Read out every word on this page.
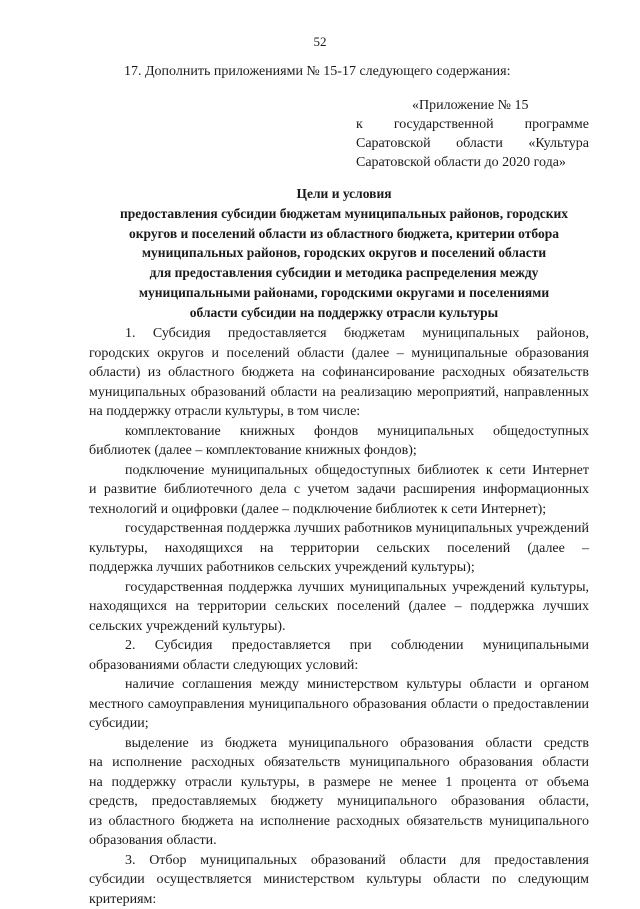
52
17. Дополнить приложениями № 15-17 следующего содержания:
«Приложение № 15
к государственной программе
Саратовской области «Культура
Саратовской области до 2020 года»
Цели и условия
предоставления субсидии бюджетам муниципальных районов, городских
округов и поселений области из областного бюджета, критерии отбора
муниципальных районов, городских округов и поселений области
для предоставления субсидии и методика распределения между
муниципальными районами, городскими округами и поселениями
области субсидии на поддержку отрасли культуры
1. Субсидия предоставляется бюджетам муниципальных районов,
городских округов и поселений области (далее – муниципальные образования
области) из областного бюджета на софинансирование расходных обязательств
муниципальных образований области на реализацию мероприятий, направленных
на поддержку отрасли культуры, в том числе:
комплектование книжных фондов муниципальных общедоступных
библиотек (далее – комплектование книжных фондов);
подключение муниципальных общедоступных библиотек к сети Интернет
и развитие библиотечного дела с учетом задачи расширения информационных
технологий и оцифровки (далее – подключение библиотек к сети Интернет);
государственная поддержка лучших работников муниципальных учреждений
культуры, находящихся на территории сельских поселений (далее –
поддержка лучших работников сельских учреждений культуры);
государственная поддержка лучших муниципальных учреждений культуры,
находящихся на территории сельских поселений (далее – поддержка лучших
сельских учреждений культуры).
2. Субсидия предоставляется при соблюдении муниципальными
образованиями области следующих условий:
наличие соглашения между министерством культуры области и органом
местного самоуправления муниципального образования области о предоставлении
субсидии;
выделение из бюджета муниципального образования области средств
на исполнение расходных обязательств муниципального образования области
на поддержку отрасли культуры, в размере не менее 1 процента от объема
средств, предоставляемых бюджету муниципального образования области,
из областного бюджета на исполнение расходных обязательств муниципального
образования области.
3. Отбор муниципальных образований области для предоставления
субсидии осуществляется министерством культуры области по следующим
критериям:
